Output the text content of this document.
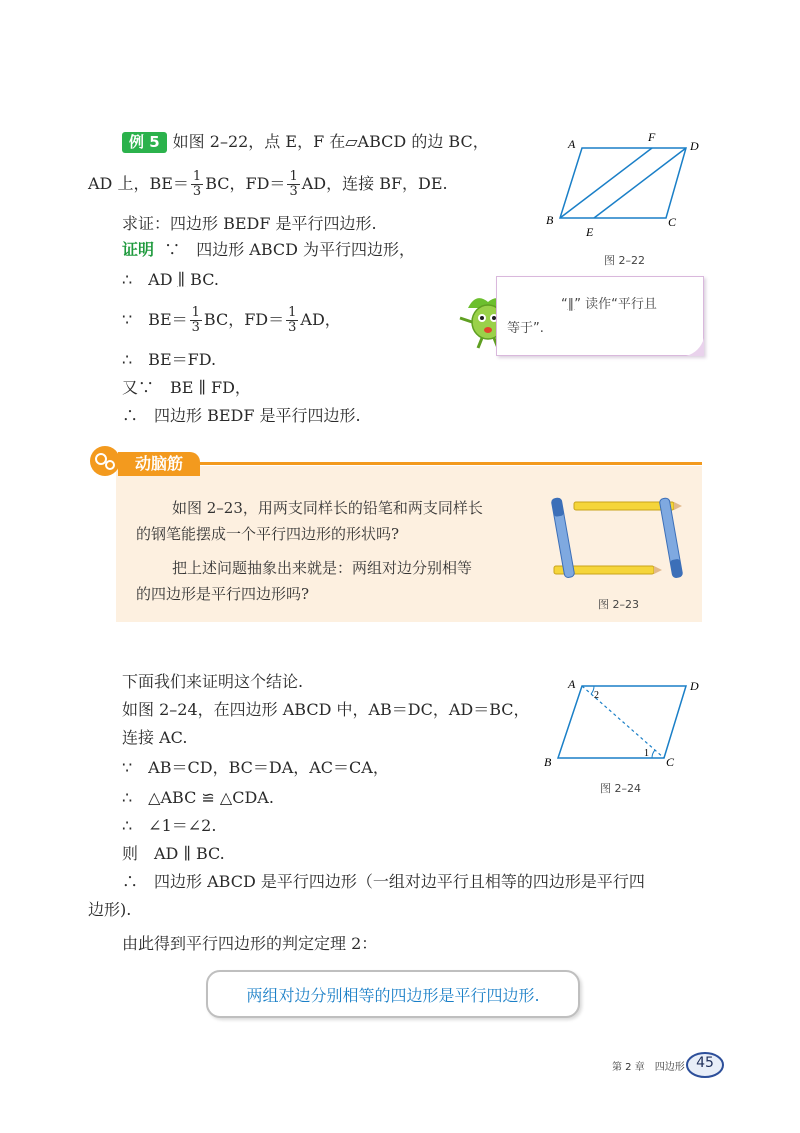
例 5 如图 2–22，点 E，F 在▱ABCD 的边 BC，
AD 上，$BE= \frac{1}{3}$ BC，$FD= \frac{1}{3}$ AD，连接 BF，DE.
求证：四边形 BEDF 是平行四边形.
证明 ∵　四边形 ABCD 为平行四边形，
∴　AD ∥ BC.
∵　$BE= \frac{1}{3}$ BC，$FD= \frac{1}{3}$ AD，
∴　BE＝FD.
又∵　BE ∥ FD，
∴　四边形 BEDF 是平行四边形.
A	F
D
B
E
C
图 2–22
“∥” 读作“平行且
等于”.
动脑筋
如图 2–23，用两支同样长的铅笔和两支同样长
的钢笔能摆成一个平行四边形的形状吗?
把上述问题抽象出来就是：两组对边分别相等
的四边形是平行四边形吗?
图 2–23
下面我们来证明这个结论.
如图 2–24，在四边形 ABCD 中，AB＝DC，AD＝BC，
连接 AC.
∵　AB＝CD，BC＝DA，AC＝CA，
∴　△ABC ≌ △CDA.
∴　∠1＝∠2.
则　AD ∥ BC.
∴　四边形 ABCD 是平行四边形（一组对边平行且相等的四边形是平行四
边形).
由此得到平行四边形的判定定理 2：
A	D
B	C
2
1
图 2–24
两组对边分别相等的四边形是平行四边形.
第 2 章　四边形 45
